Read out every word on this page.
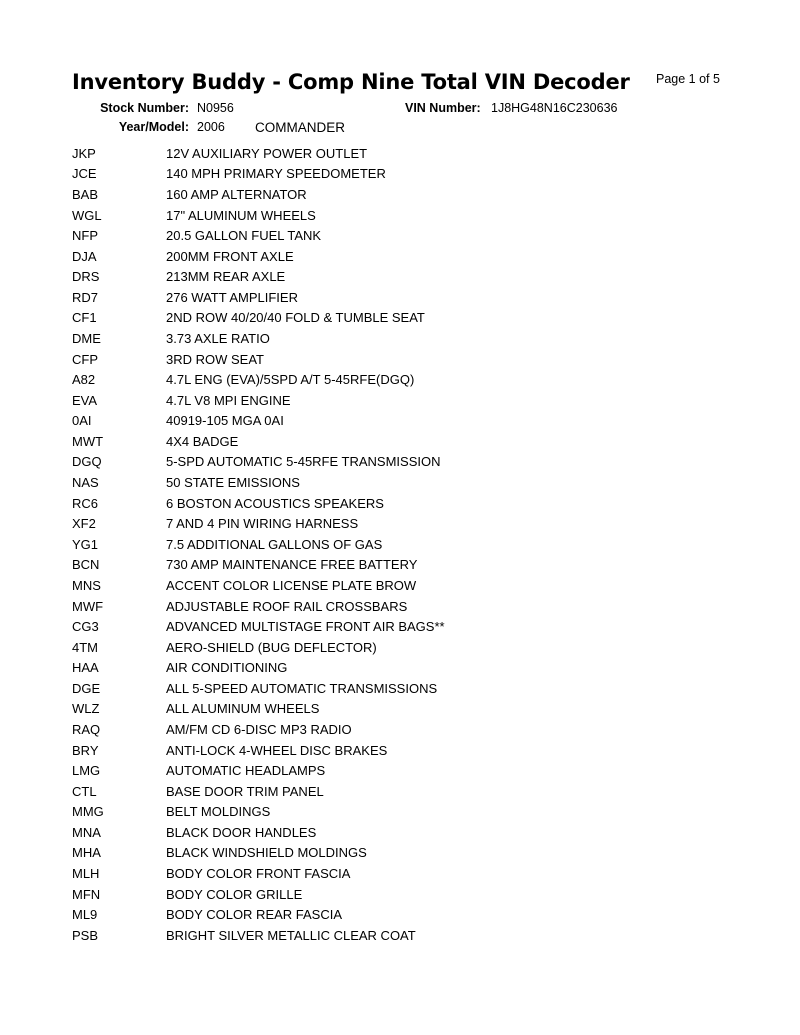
Inventory Buddy - Comp Nine Total VIN Decoder Page 1 of 5
Stock Number: N0956	VIN Number: 1J8HG48N16C230636
Year/Model: 2006 COMMANDER
JKP	12V AUXILIARY POWER OUTLET
JCE	140 MPH PRIMARY SPEEDOMETER
BAB	160 AMP ALTERNATOR
WGL	17" ALUMINUM WHEELS
NFP	20.5 GALLON FUEL TANK
DJA	200MM FRONT AXLE
DRS	213MM REAR AXLE
RD7	276 WATT AMPLIFIER
CF1	2ND ROW 40/20/40 FOLD & TUMBLE SEAT
DME	3.73 AXLE RATIO
CFP	3RD ROW SEAT
A82	4.7L ENG (EVA)/5SPD A/T 5-45RFE(DGQ)
EVA	4.7L V8 MPI ENGINE
0AI	40919-105 MGA 0AI
MWT	4X4 BADGE
DGQ	5-SPD AUTOMATIC 5-45RFE TRANSMISSION
NAS	50 STATE EMISSIONS
RC6	6 BOSTON ACOUSTICS SPEAKERS
XF2	7 AND 4 PIN WIRING HARNESS
YG1	7.5 ADDITIONAL GALLONS OF GAS
BCN	730 AMP MAINTENANCE FREE BATTERY
MNS	ACCENT COLOR LICENSE PLATE BROW
MWF	ADJUSTABLE ROOF RAIL CROSSBARS
CG3	ADVANCED MULTISTAGE FRONT AIR BAGS**
4TM	AERO-SHIELD (BUG DEFLECTOR)
HAA	AIR CONDITIONING
DGE	ALL 5-SPEED AUTOMATIC TRANSMISSIONS
WLZ	ALL ALUMINUM WHEELS
RAQ	AM/FM CD 6-DISC MP3 RADIO
BRY	ANTI-LOCK 4-WHEEL DISC BRAKES
LMG	AUTOMATIC HEADLAMPS
CTL	BASE DOOR TRIM PANEL
MMG	BELT MOLDINGS
MNA	BLACK DOOR HANDLES
MHA	BLACK WINDSHIELD MOLDINGS
MLH	BODY COLOR FRONT FASCIA
MFN	BODY COLOR GRILLE
ML9	BODY COLOR REAR FASCIA
PSB	BRIGHT SILVER METALLIC CLEAR COAT
